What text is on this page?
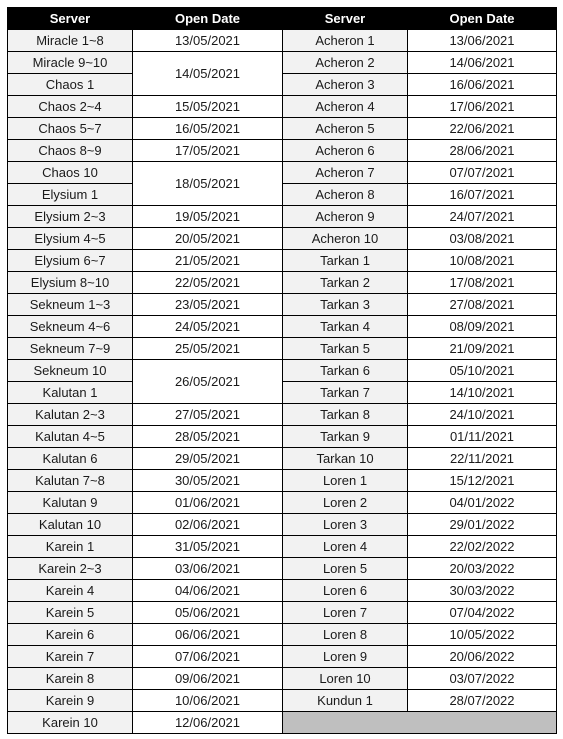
Server	Open Date	Server	Open Date
Miracle 1~8	13/05/2021	Acheron 1	13/06/2021
Miracle 9~10	14/05/2021	Acheron 2	14/06/2021
Chaos 1		Acheron 3	16/06/2021
Chaos 2~4	15/05/2021	Acheron 4	17/06/2021
Chaos 5~7	16/05/2021	Acheron 5	22/06/2021
Chaos 8~9	17/05/2021	Acheron 6	28/06/2021
Chaos 10	18/05/2021	Acheron 7	07/07/2021
Elysium 1		Acheron 8	16/07/2021
Elysium 2~3	19/05/2021	Acheron 9	24/07/2021
Elysium 4~5	20/05/2021	Acheron 10	03/08/2021
Elysium 6~7	21/05/2021	Tarkan 1	10/08/2021
Elysium 8~10	22/05/2021	Tarkan 2	17/08/2021
Sekneum 1~3	23/05/2021	Tarkan 3	27/08/2021
Sekneum 4~6	24/05/2021	Tarkan 4	08/09/2021
Sekneum 7~9	25/05/2021	Tarkan 5	21/09/2021
Sekneum 10	26/05/2021	Tarkan 6	05/10/2021
Kalutan 1		Tarkan 7	14/10/2021
Kalutan 2~3	27/05/2021	Tarkan 8	24/10/2021
Kalutan 4~5	28/05/2021	Tarkan 9	01/11/2021
Kalutan 6	29/05/2021	Tarkan 10	22/11/2021
Kalutan 7~8	30/05/2021	Loren 1	15/12/2021
Kalutan 9	01/06/2021	Loren 2	04/01/2022
Kalutan 10	02/06/2021	Loren 3	29/01/2022
Karein 1	31/05/2021	Loren 4	22/02/2022
Karein 2~3	03/06/2021	Loren 5	20/03/2022
Karein 4	04/06/2021	Loren 6	30/03/2022
Karein 5	05/06/2021	Loren 7	07/04/2022
Karein 6	06/06/2021	Loren 8	10/05/2022
Karein 7	07/06/2021	Loren 9	20/06/2022
Karein 8	09/06/2021	Loren 10	03/07/2022
Karein 9	10/06/2021	Kundun 1	28/07/2022
Karein 10	12/06/2021		
